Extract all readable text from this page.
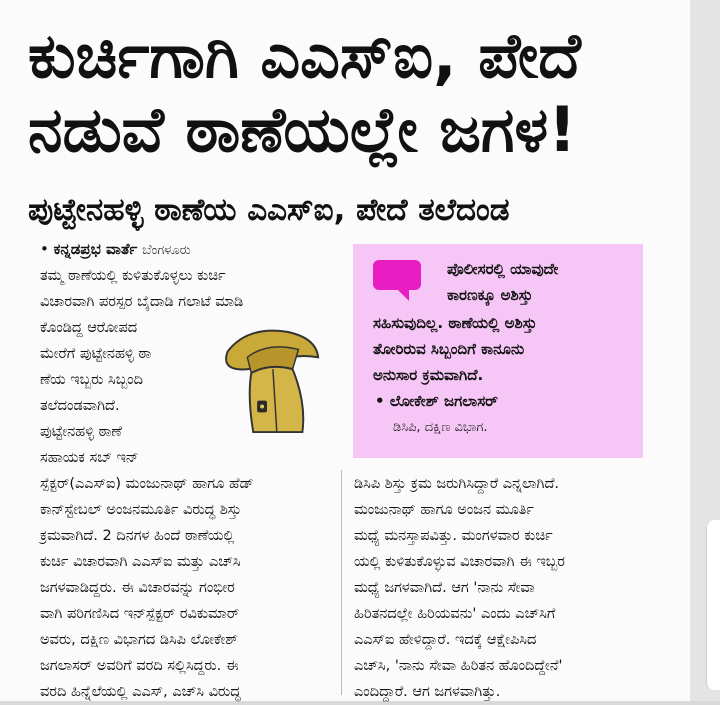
ಕುರ್ಚಿಗಾಗಿ ಎಎಸ್‌ಐ, ಪೇದೆ
ನಡುವೆ ಠಾಣೆಯಲ್ಲೇ ಜಗಳ!
ಪುಟ್ಟೇನಹಳ್ಳಿ ಠಾಣೆಯ ಎಎಸ್‌ಐ, ಪೇದೆ ತಲೆದಂಡ
• ಕನ್ನಡಪ್ರಭ ವಾರ್ತೆ ಬೆಂಗಳೂರು

ತಮ್ಮ ಠಾಣೆಯಲ್ಲಿ ಕುಳಿತುಕೊಳ್ಳಲು ಕುರ್ಚಿ

ವಿಚಾರವಾಗಿ ಪರಸ್ಪರ ಬೈದಾಡಿ ಗಲಾಟೆ ಮಾಡಿ

ಕೊಂಡಿದ್ದ ಆರೋಪದ

ಮೇರೆಗೆ ಪುಟ್ಟೇನಹಳ್ಳಿ ಠಾ

ಣೆಯ ಇಬ್ಬರು ಸಿಬ್ಬಂದಿ

ತಲೆದಂಡವಾಗಿದೆ.

ಪುಟ್ಟೇನಹಳ್ಳಿ ಠಾಣೆ

ಸಹಾಯಕ ಸಬ್ ಇನ್

ಸ್ಪೆಕ್ಟರ್(ಎಎಸ್ಐ) ಮಂಜುನಾಥ್ ಹಾಗೂ ಹೆಡ್

ಕಾನ್‌ಸ್ಟೇಬಲ್ ಅಂಜನಮೂರ್ತಿ ವಿರುದ್ಧ ಶಿಸ್ತು

ಕ್ರಮವಾಗಿದೆ. 2 ದಿನಗಳ ಹಿಂದೆ ಠಾಣೆಯಲ್ಲಿ

ಕುರ್ಚಿ ವಿಚಾರವಾಗಿ ಎಎಸ್ಐ ಮತ್ತು ಎಚ್‌ಸಿ

ಜಗಳವಾಡಿದ್ದರು. ಈ ವಿಚಾರವನ್ನು ಗಂಭೀರ

ವಾಗಿ ಪರಿಗಣಿಸಿದ ಇನ್‌ಸ್ಪೆಕ್ಟರ್ ರವಿಕುಮಾರ್

ಅವರು, ದಕ್ಷಿಣ ವಿಭಾಗದ ಡಿಸಿಪಿ ಲೋಕೇಶ್

ಜಗಲಾಸರ್ ಅವರಿಗೆ ವರದಿ ಸಲ್ಲಿಸಿದ್ದರು. ಈ

ವರದಿ ಹಿನ್ನೆಲೆಯಲ್ಲಿ ಎಎಸ್, ಎಚ್‌ಸಿ ವಿರುದ್ಧ

ಪೊಲೀಸರಲ್ಲಿ ಯಾವುದೇ
ಕಾರಣಕ್ಕೂ ಅಶಿಸ್ತು
ಸಹಿಸುವುದಿಲ್ಲ. ಠಾಣೆಯಲ್ಲಿ ಅಶಿಸ್ತು
ತೋರಿರುವ ಸಿಬ್ಬಂದಿಗೆ ಕಾನೂನು
ಅನುಸಾರ ಕ್ರಮವಾಗಿದೆ.
• ಲೋಕೇಶ್ ಜಗಲಾಸರ್
ಡಿಸಿಪಿ, ದಕ್ಷಿಣ ವಿಭಾಗ.

ಡಿಸಿಪಿ ಶಿಸ್ತು ಕ್ರಮ ಜರುಗಿಸಿದ್ದಾರೆ ಎನ್ನಲಾಗಿದೆ.

ಮಂಜುನಾಥ್ ಹಾಗೂ ಅಂಜನ ಮೂರ್ತಿ

ಮಧ್ಯೆ ಮನಸ್ತಾಪವಿತ್ತು. ಮಂಗಳವಾರ ಕುರ್ಚಿ

ಯಲ್ಲಿ ಕುಳಿತುಕೊಳ್ಳುವ ವಿಚಾರವಾಗಿ ಈ ಇಬ್ಬರ

ಮಧ್ಯೆ ಜಗಳವಾಗಿದೆ. ಆಗ 'ನಾನು ಸೇವಾ

ಹಿರಿತನದಲ್ಲೇ ಹಿರಿಯವನು' ಎಂದು ಎಚ್‌ಸಿಗೆ

ಎಎಸ್ಐ ಹೇಳಿದ್ದಾರೆ. ಇದಕ್ಕೆ ಆಕ್ಷೇಪಿಸಿದ

ಎಚ್‌ಸಿ, 'ನಾನು ಸೇವಾ ಹಿರಿತನ ಹೊಂದಿದ್ದೇನೆ'

ಎಂದಿದ್ದಾರೆ. ಆಗ ಜಗಳವಾಗಿತ್ತು.
